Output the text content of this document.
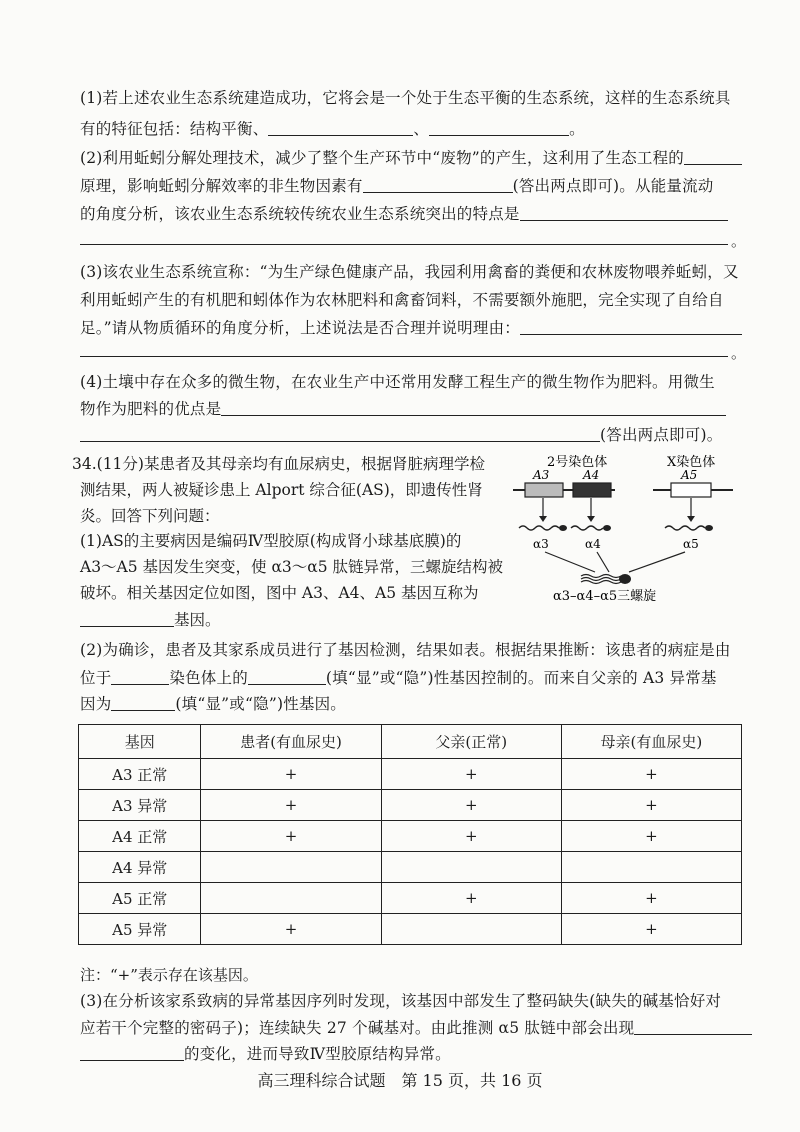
(1)若上述农业生态系统建造成功，它将会是一个处于生态平衡的生态系统，这样的生态系统具
有的特征包括：结构平衡、	、	。
(2)利用蚯蚓分解处理技术，减少了整个生产环节中“废物”的产生，这利用了生态工程的
原理，影响蚯蚓分解效率的非生物因素有	(答出两点即可)。从能量流动
的角度分析，该农业生态系统较传统农业生态系统突出的特点是
。
(3)该农业生态系统宣称：“为生产绿色健康产品，我园利用禽畜的粪便和农林废物喂养蚯蚓，又
利用蚯蚓产生的有机肥和蚓体作为农林肥料和禽畜饲料，不需要额外施肥，完全实现了自给自
足。”请从物质循环的角度分析，上述说法是否合理并说明理由：
。
(4)土壤中存在众多的微生物，在农业生产中还常用发酵工程生产的微生物作为肥料。用微生
物作为肥料的优点是
(答出两点即可)。
34.(11分)某患者及其母亲均有血尿病史，根据肾脏病理学检
测结果，两人被疑诊患上 Alport 综合征(AS)，即遗传性肾
炎。回答下列问题：
(1)AS的主要病因是编码Ⅳ型胶原(构成肾小球基底膜)的
A3～A5 基因发生突变，使 α3～α5 肽链异常，三螺旋结构被
破坏。相关基因定位如图，图中 A3、A4、A5 基因互称为
基因。
2号染色体	X染色体
A3	A4	A5
α3	α4	α5
α3–α4–α5三螺旋
(2)为确诊，患者及其家系成员进行了基因检测，结果如表。根据结果推断：该患者的病症是由
位于	染色体上的	(填“显”或“隐”)性基因控制的。而来自父亲的 A3 异常基
因为	(填“显”或“隐”)性基因。
基因	患者(有血尿史)	父亲(正常)	母亲(有血尿史)
A3 正常	+	+	+
A3 异常	+	+	+
A4 正常	+	+	+
A4 异常			
A5 正常		+	+
A5 异常	+		+
注：“+”表示存在该基因。
(3)在分析该家系致病的异常基因序列时发现，该基因中部发生了整码缺失(缺失的碱基恰好对
应若干个完整的密码子)；连续缺失 27 个碱基对。由此推测 α5 肽链中部会出现
的变化，进而导致Ⅳ型胶原结构异常。
高三理科综合试题　第 15 页，共 16 页
